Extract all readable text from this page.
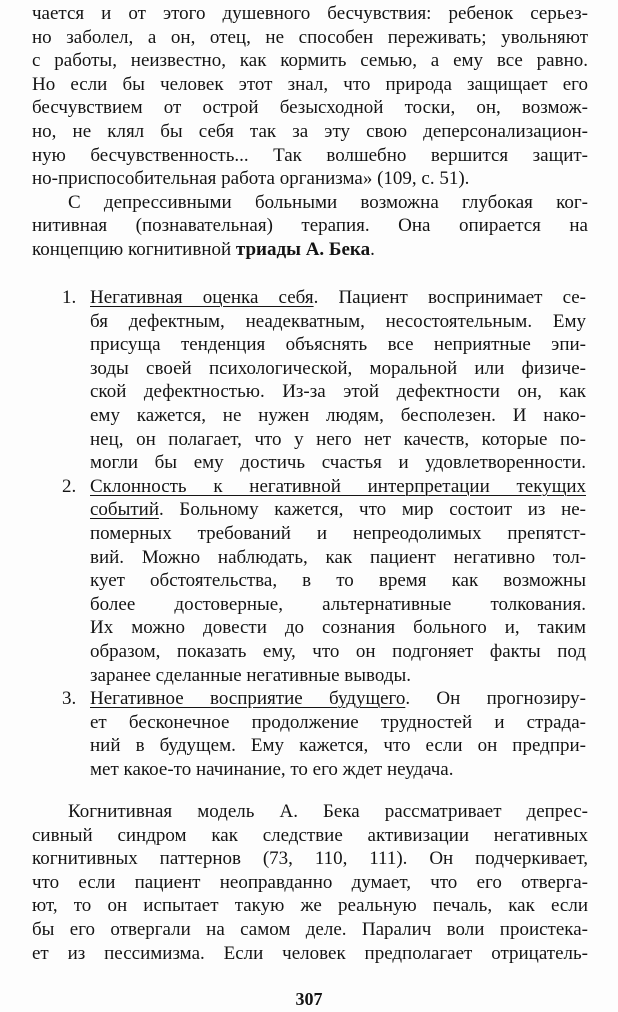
чается и от этого душевного бесчувствия: ребенок серьез-
но заболел, а он, отец, не способен переживать; увольняют
с работы, неизвестно, как кормить семью, а ему все равно.
Но если бы человек этот знал, что природа защищает его
бесчувствием от острой безысходной тоски, он, возмож-
но, не клял бы себя так за эту свою деперсонализацион-
ную бесчувственность... Так волшебно вершится защит-
но-приспособительная работа организма» (109, с. 51).
С депрессивными больными возможна глубокая ког-
нитивная (познавательная) терапия. Она опирается на
концепцию когнитивной триады А. Бека.
1. Негативная оценка себя. Пациент воспринимает се-
бя дефектным, неадекватным, несостоятельным. Ему
присуща тенденция объяснять все неприятные эпи-
зоды своей психологической, моральной или физиче-
ской дефектностью. Из-за этой дефектности он, как
ему кажется, не нужен людям, бесполезен. И нако-
нец, он полагает, что у него нет качеств, которые по-
могли бы ему достичь счастья и удовлетворенности.
2. Склонность к негативной интерпретации текущих
событий. Больному кажется, что мир состоит из не-
померных требований и непреодолимых препятст-
вий. Можно наблюдать, как пациент негативно тол-
кует обстоятельства, в то время как возможны
более достоверные, альтернативные толкования.
Их можно довести до сознания больного и, таким
образом, показать ему, что он подгоняет факты под
заранее сделанные негативные выводы.
3. Негативное восприятие будущего. Он прогнозиру-
ет бесконечное продолжение трудностей и страда-
ний в будущем. Ему кажется, что если он предпри-
мет какое-то начинание, то его ждет неудача.
Когнитивная модель А. Бека рассматривает депрес-
сивный синдром как следствие активизации негативных
когнитивных паттернов (73, 110, 111). Он подчеркивает,
что если пациент неоправданно думает, что его отверга-
ют, то он испытает такую же реальную печаль, как если
бы его отвергали на самом деле. Паралич воли проистека-
ет из пессимизма. Если человек предполагает отрицатель-
307
